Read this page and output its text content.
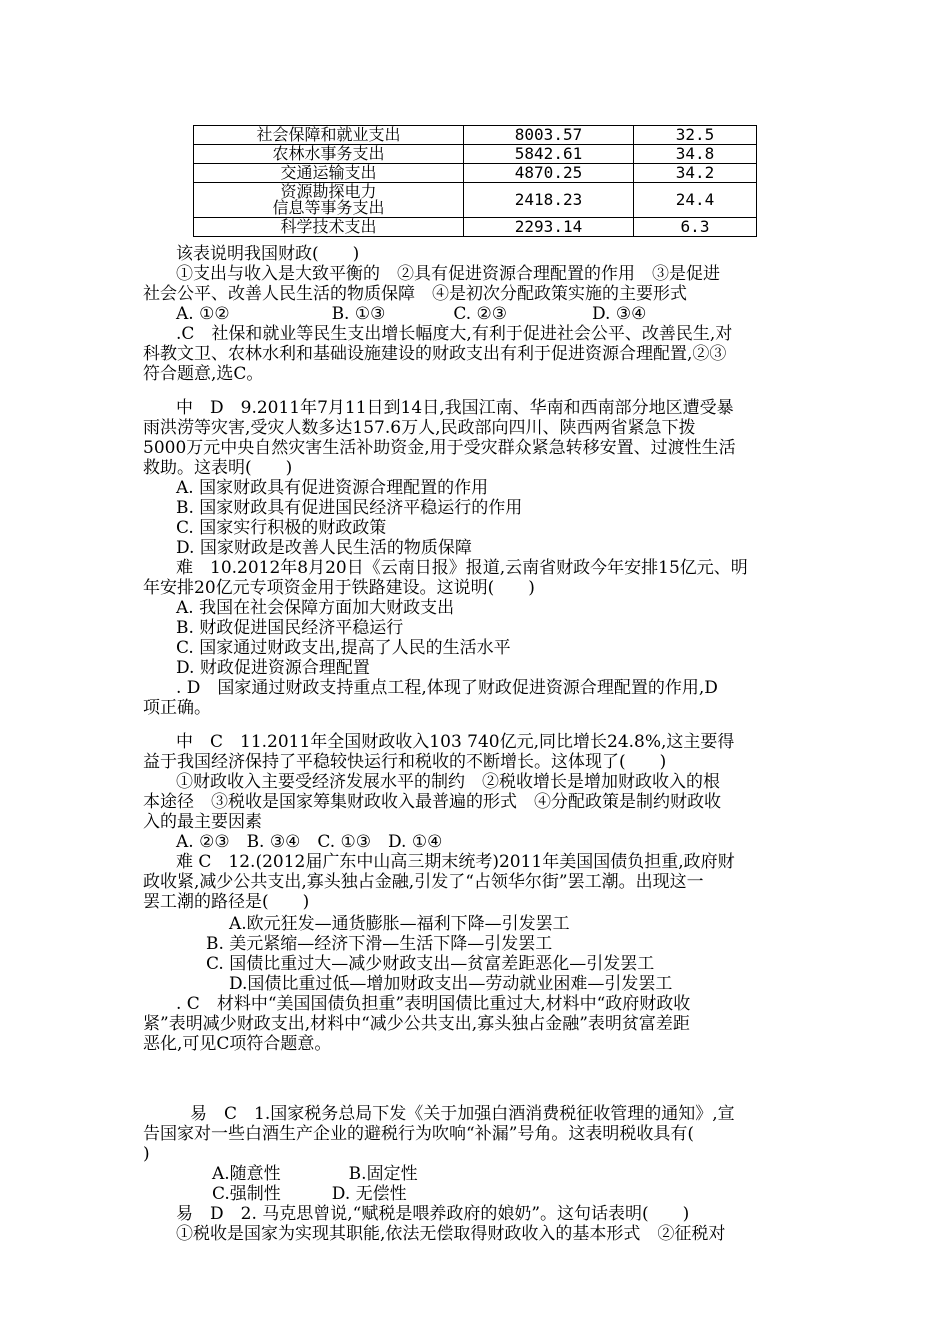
社会保障和就业支出	8003.57	32.5
农林水事务支出	5842.61	34.8
交通运输支出	4870.25	34.2
资源勘探电力
信息等事务支出	2418.23	24.4
科学技术支出	2293.14	6.3
该表说明我国财政(　　)
①支出与收入是大致平衡的　②具有促进资源合理配置的作用　③是促进
社会公平、改善人民生活的物质保障　④是初次分配政策实施的主要形式
A. ①②　　　　　　B. ①③　　　　C. ②③　　　　　D. ③④
.C　社保和就业等民生支出增长幅度大,有利于促进社会公平、改善民生,对
科教文卫、农林水利和基础设施建设的财政支出有利于促进资源合理配置,②③
符合题意,选C。
中　D　9.2011年7月11日到14日,我国江南、华南和西南部分地区遭受暴
雨洪涝等灾害,受灾人数多达157.6万人,民政部向四川、陕西两省紧急下拨
5000万元中央自然灾害生活补助资金,用于受灾群众紧急转移安置、过渡性生活
救助。这表明(　　)
A. 国家财政具有促进资源合理配置的作用
B. 国家财政具有促进国民经济平稳运行的作用
C. 国家实行积极的财政政策
D. 国家财政是改善人民生活的物质保障
难　10.2012年8月20日《云南日报》报道,云南省财政今年安排15亿元、明
年安排20亿元专项资金用于铁路建设。这说明(　　)
A. 我国在社会保障方面加大财政支出
B. 财政促进国民经济平稳运行
C. 国家通过财政支出,提高了人民的生活水平
D. 财政促进资源合理配置
. D　国家通过财政支持重点工程,体现了财政促进资源合理配置的作用,D
项正确。
中　C　11.2011年全国财政收入103 740亿元,同比增长24.8%,这主要得
益于我国经济保持了平稳较快运行和税收的不断增长。这体现了(　　)
①财政收入主要受经济发展水平的制约　②税收增长是增加财政收入的根
本途径　③税收是国家筹集财政收入最普遍的形式　④分配政策是制约财政收
入的最主要因素
A. ②③　B. ③④　C. ①③　D. ①④
难 C　12.(2012届广东中山高三期末统考)2011年美国国债负担重,政府财
政收紧,减少公共支出,寡头独占金融,引发了“占领华尔街”罢工潮。出现这一
罢工潮的路径是(　　)
A.欧元狂发—通货膨胀—福利下降—引发罢工
B. 美元紧缩—经济下滑—生活下降—引发罢工
C. 国债比重过大—减少财政支出—贫富差距恶化—引发罢工
D.国债比重过低—增加财政支出—劳动就业困难—引发罢工
. C　材料中“美国国债负担重”表明国债比重过大,材料中“政府财政收
紧”表明减少财政支出,材料中“减少公共支出,寡头独占金融”表明贫富差距
恶化,可见C项符合题意。
易　C　1.国家税务总局下发《关于加强白酒消费税征收管理的通知》,宣
告国家对一些白酒生产企业的避税行为吹响“补漏”号角。这表明税收具有(
)
A.随意性　　　　B.固定性
C.强制性　　　D. 无偿性
易　D　2. 马克思曾说,“赋税是喂养政府的娘奶”。这句话表明(　　)
①税收是国家为实现其职能,依法无偿取得财政收入的基本形式　②征税对
